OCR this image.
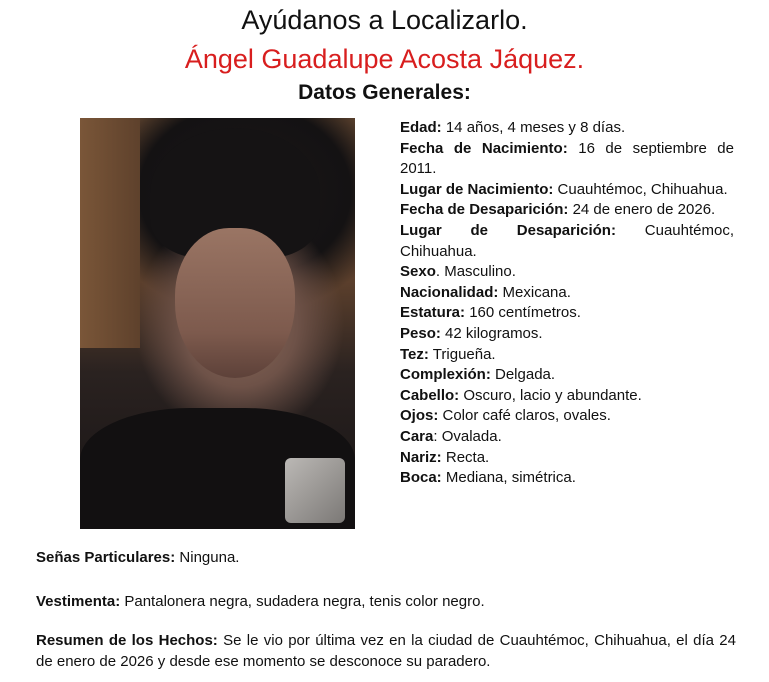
Ayúdanos a Localizarlo.
Ángel Guadalupe Acosta Jáquez.
Datos Generales:

Edad: 14 años, 4 meses y 8 días.

Fecha de Nacimiento: 16 de septiembre de 2011.

Lugar de Nacimiento: Cuauhtémoc, Chihuahua.

Fecha de Desaparición: 24 de enero de 2026.

Lugar de Desaparición: Cuauhtémoc, Chihuahua.

Sexo. Masculino.

Nacionalidad: Mexicana.

Estatura: 160 centímetros.

Peso: 42 kilogramos.

Tez: Trigueña.

Complexión: Delgada.

Cabello: Oscuro, lacio y abundante.

Ojos: Color café claros, ovales.

Cara: Ovalada.

Nariz: Recta.

Boca: Mediana, simétrica.

Señas Particulares: Ninguna.
Vestimenta: Pantalonera negra, sudadera negra, tenis color negro.
Resumen de los Hechos: Se le vio por última vez en la ciudad de Cuauhtémoc, Chihuahua, el día 24 de enero de 2026 y desde ese momento se desconoce su paradero.
